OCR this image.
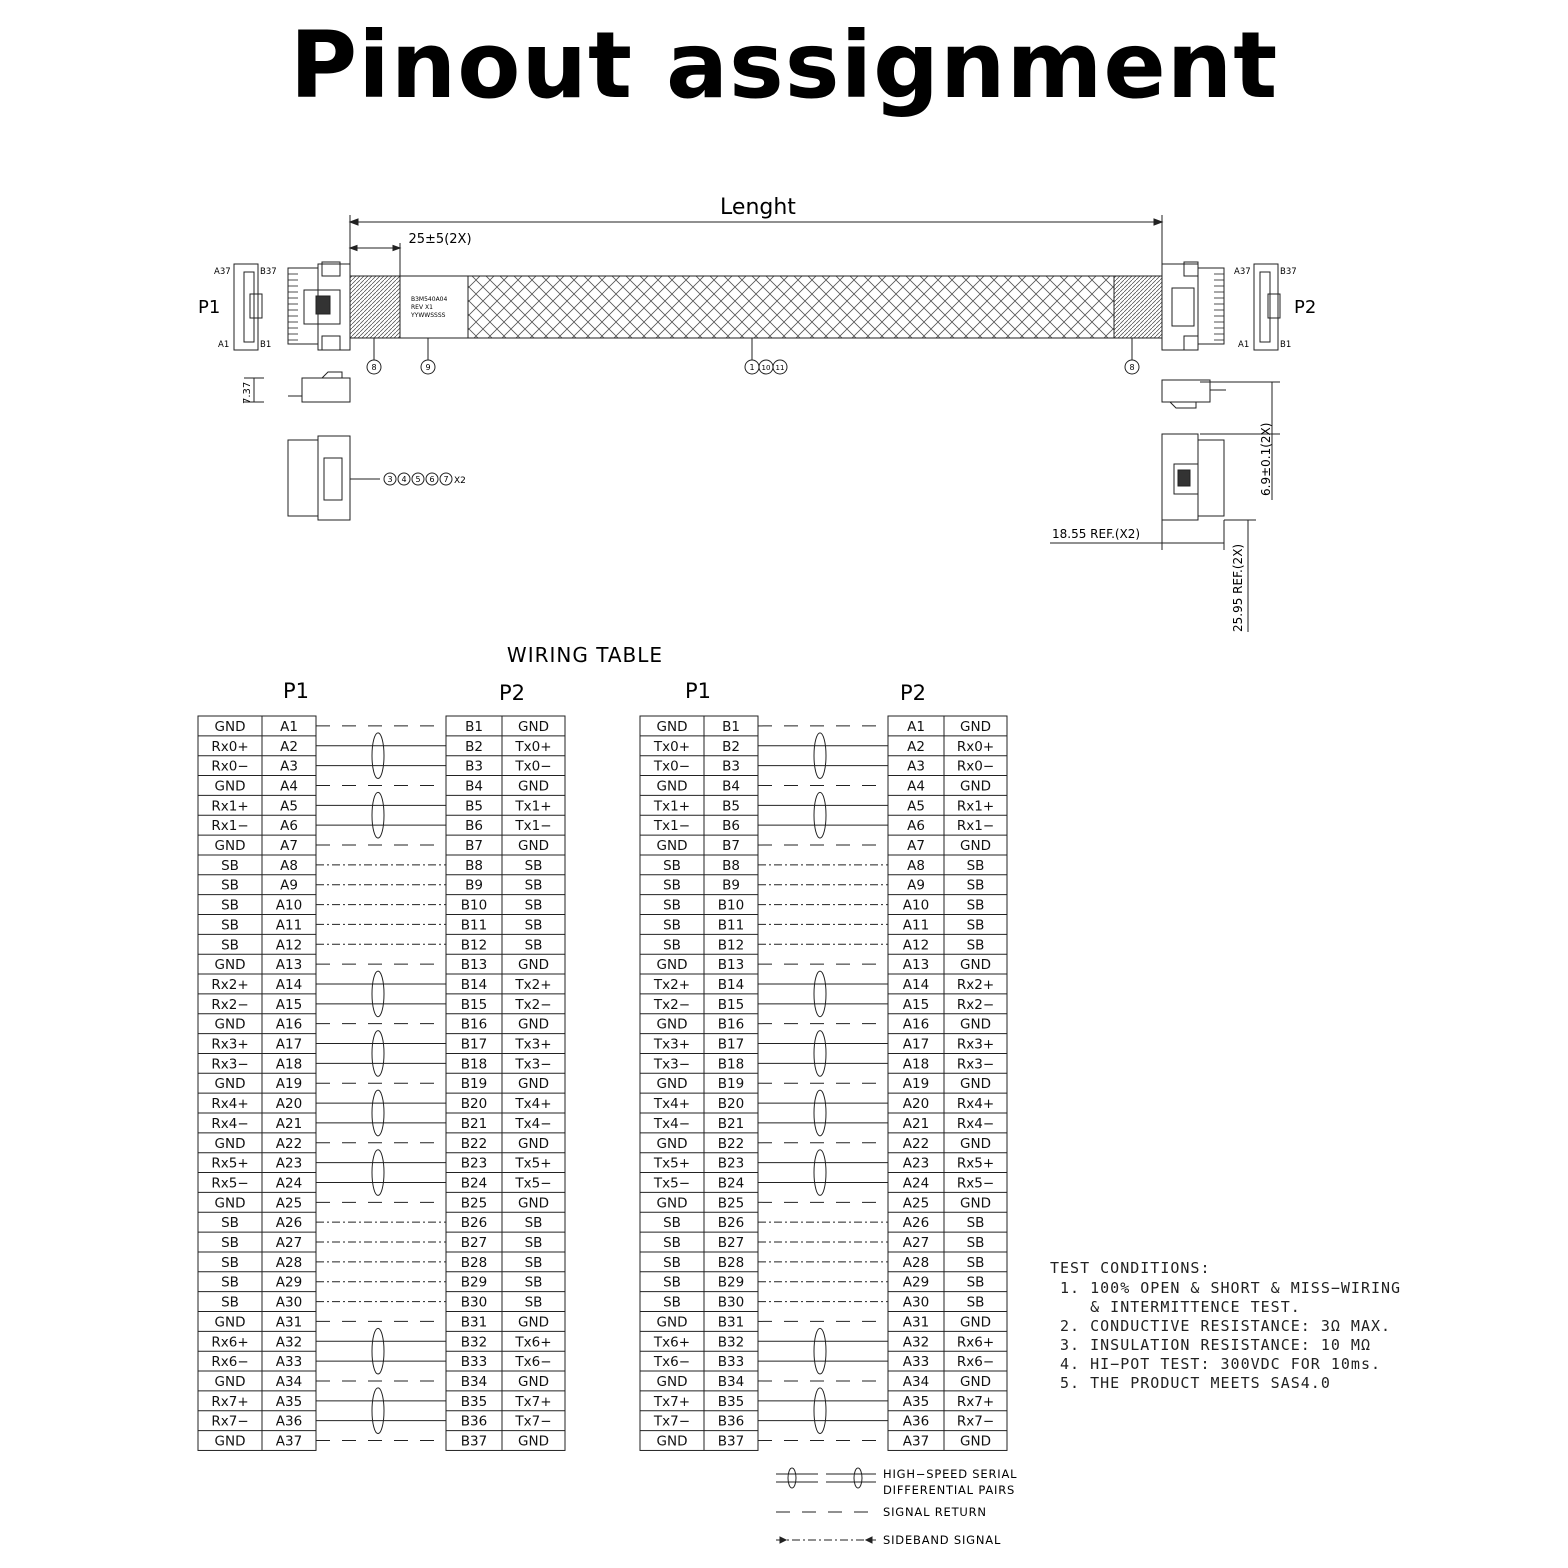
Pinout assignment
Lenght
25±5(2X)
P1	P2
A37	B37
A1	B1
A37	B37
A1	B1
B3M540A04
REV X1
YYWWSSSS
8	9	1 10 11	8
3 4 5 6 7 X2
7.37
6.9±0.1(2X)
18.55 REF.(X2)
25.95 REF.(2X)
WIRING TABLE
P1	P2	P1	P2
GND	A1	B1	GND
Rx0+ A2	B2 Tx0+
Rx0− A3	B3 Tx0−
GND	A4	B4	GND
Rx1+ A5	B5 Tx1+
Rx1− A6	B6 Tx1−
GND	A7	B7	GND
SB	A8	B8	SB
SB	A9	B9	SB
SB	A10	B10	SB
SB	A11	B11	SB
SB	A12	B12	SB
GND A13	B13 GND
Rx2+ A14	B14 Tx2+
Rx2− A15	B15 Tx2−
GND A16	B16 GND
Rx3+ A17	B17 Tx3+
Rx3− A18	B18 Tx3−
GND A19	B19 GND
Rx4+ A20	B20 Tx4+
Rx4− A21	B21 Tx4−
GND A22	B22 GND
Rx5+ A23	B23 Tx5+
Rx5− A24	B24 Tx5−
GND A25	B25 GND
SB	A26	B26	SB
SB	A27	B27	SB
SB	A28	B28	SB
SB	A29	B29	SB
SB	A30	B30	SB
GND A31	B31 GND
Rx6+ A32	B32 Tx6+
Rx6− A33	B33 Tx6−
GND A34	B34 GND
Rx7+ A35	B35 Tx7+
Rx7− A36	B36 Tx7−
GND A37	B37 GND
GND	B1	A1	GND
Tx0+ B2	A2 Rx0+
Tx0− B3	A3 Rx0−
GND	B4	A4	GND
Tx1+ B5	A5 Rx1+
Tx1− B6	A6 Rx1−
GND	B7	A7	GND
SB	B8	A8	SB
SB	B9	A9	SB
SB	B10	A10	SB
SB	B11	A11	SB
SB	B12	A12	SB
GND B13	A13 GND
Tx2+ B14	A14 Rx2+
Tx2− B15	A15 Rx2−
GND B16	A16 GND
Tx3+ B17	A17 Rx3+
Tx3− B18	A18 Rx3−
GND B19	A19 GND
Tx4+ B20	A20 Rx4+
Tx4− B21	A21 Rx4−
GND B22	A22 GND
Tx5+ B23	A23 Rx5+
Tx5− B24	A24 Rx5−
GND B25	A25 GND
SB	B26	A26	SB
SB	B27	A27	SB
SB	B28	A28	SB
SB	B29	A29	SB
SB	B30	A30	SB
GND B31	A31 GND
Tx6+ B32	A32 Rx6+
Tx6− B33	A33 Rx6−
GND B34	A34 GND
Tx7+ B35	A35 Rx7+
Tx7− B36	A36 Rx7−
GND B37	A37 GND
HIGH−SPEED SERIAL
DIFFERENTIAL PAIRS
SIGNAL RETURN
SIDEBAND SIGNAL
TEST CONDITIONS:
1. 100% OPEN & SHORT & MISS−WIRING
& INTERMITTENCE TEST.
2. CONDUCTIVE RESISTANCE: 3Ω MAX.
3. INSULATION RESISTANCE: 10 MΩ
4. HI−POT TEST: 300VDC FOR 10ms.
5. THE PRODUCT MEETS SAS4.0
